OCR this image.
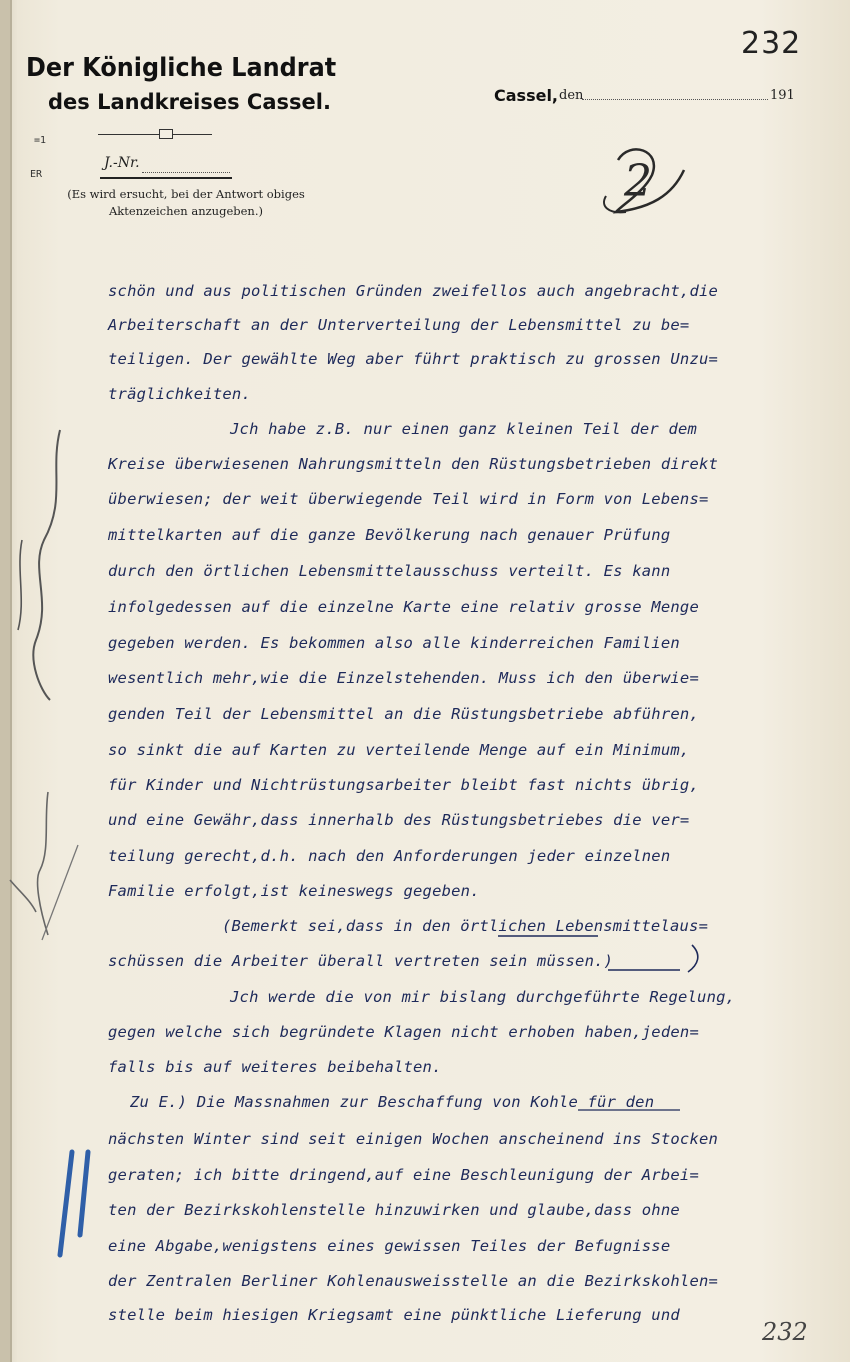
232
232
Der Königliche Landrat
des Landkreises Cassel.
J.-Nr.
(Es wird ersucht, bei der Antwort obiges
Aktenzeichen anzugeben.)
Cassel, den	191
=1
ER
schön und aus politischen Gründen zweifellos auch angebracht,die
Arbeiterschaft an der Unterverteilung der Lebensmittel zu be=
teiligen. Der gewählte Weg aber führt praktisch zu grossen Unzu=
träglichkeiten.
Jch habe z.B. nur einen ganz kleinen Teil der dem
Kreise überwiesenen Nahrungsmitteln den Rüstungsbetrieben direkt
überwiesen; der weit überwiegende Teil wird in Form von Lebens=
mittelkarten auf die ganze Bevölkerung nach genauer Prüfung
durch den örtlichen Lebensmittelausschuss verteilt. Es kann
infolgedessen auf die einzelne Karte eine relativ grosse Menge
gegeben werden. Es bekommen also alle kinderreichen Familien
wesentlich mehr,wie die Einzelstehenden. Muss ich den überwie=
genden Teil der Lebensmittel an die Rüstungsbetriebe abführen,
so sinkt die auf Karten zu verteilende Menge auf ein Minimum,
für Kinder und Nichtrüstungsarbeiter bleibt fast nichts übrig,
und eine Gewähr,dass innerhalb des Rüstungsbetriebes die ver=
teilung gerecht,d.h. nach den Anforderungen jeder einzelnen
Familie erfolgt,ist keineswegs gegeben.
(Bemerkt sei,dass in den örtlichen Lebensmittelaus=
schüssen die Arbeiter überall vertreten sein müssen.)
Jch werde die von mir bislang durchgeführte Regelung,
gegen welche sich begründete Klagen nicht erhoben haben,jeden=
falls bis auf weiteres beibehalten.
Zu E.) Die Massnahmen zur Beschaffung von Kohle für den
nächsten Winter sind seit einigen Wochen anscheinend ins Stocken
geraten; ich bitte dringend,auf eine Beschleunigung der Arbei=
ten der Bezirkskohlenstelle hinzuwirken und glaube,dass ohne
eine Abgabe,wenigstens eines gewissen Teiles der Befugnisse
der Zentralen Berliner Kohlenausweisstelle an die Bezirkskohlen=
stelle beim hiesigen Kriegsamt eine pünktliche Lieferung und
2
